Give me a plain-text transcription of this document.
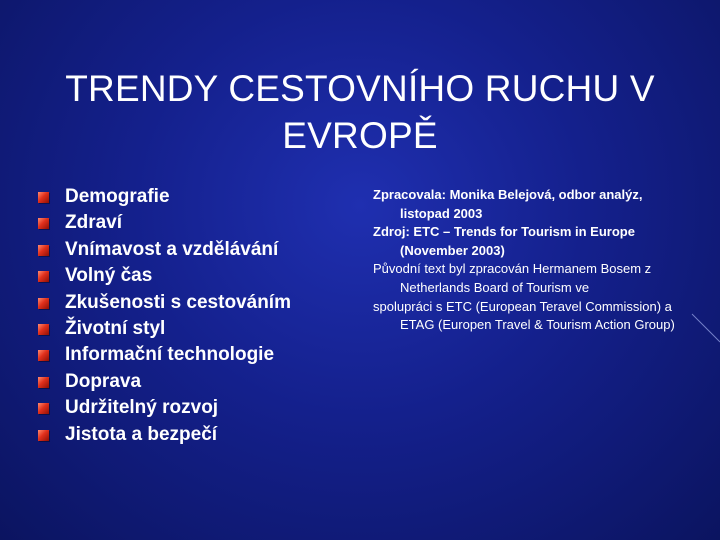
TRENDY CESTOVNÍHO RUCHU V
EVROPĚ
Demografie
Zdraví
Vnímavost a vzdělávání
Volný čas
Zkušenosti s cestováním
Životní styl
Informační technologie
Doprava
Udržitelný rozvoj
Jistota a bezpečí
Zpracovala: Monika Belejová, odbor analýz, listopad 2003
Zdroj: ETC – Trends for Tourism in Europe (November 2003)
Původní text byl zpracován Hermanem Bosem z Netherlands Board of Tourism ve
spolupráci s ETC (European Teravel Commission) a ETAG (Europen Travel & Tourism Action Group)
